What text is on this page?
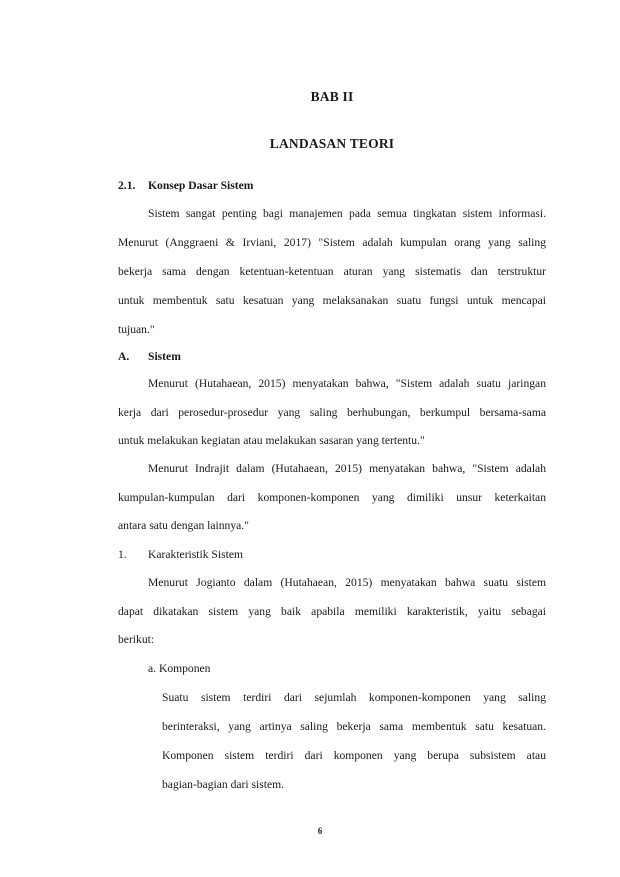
BAB II
LANDASAN TEORI
2.1. Konsep Dasar Sistem
Sistem sangat penting bagi manajemen pada semua tingkatan sistem informasi.
Menurut (Anggraeni & Irviani, 2017) "Sistem adalah kumpulan orang yang saling
bekerja sama dengan ketentuan-ketentuan aturan yang sistematis dan terstruktur
untuk membentuk satu kesatuan yang melaksanakan suatu fungsi untuk mencapai
tujuan."
A. Sistem
Menurut (Hutahaean, 2015) menyatakan bahwa, "Sistem adalah suatu jaringan
kerja dari perosedur-prosedur yang saling berhubungan, berkumpul bersama-sama
untuk melakukan kegiatan atau melakukan sasaran yang tertentu."
Menurut Indrajit dalam (Hutahaean, 2015) menyatakan bahwa, "Sistem adalah
kumpulan-kumpulan dari komponen-komponen yang dimiliki unsur keterkaitan
antara satu dengan lainnya."
1. Karakteristik Sistem
Menurut Jogianto dalam (Hutahaean, 2015) menyatakan bahwa suatu sistem
dapat dikatakan sistem yang baik apabila memiliki karakteristik, yaitu sebagai
berikut:
a. Komponen
Suatu sistem terdiri dari sejumlah komponen-komponen yang saling
berinteraksi, yang artinya saling bekerja sama membentuk satu kesatuan.
Komponen sistem terdiri dari komponen yang berupa subsistem atau
bagian-bagian dari sistem.
6
